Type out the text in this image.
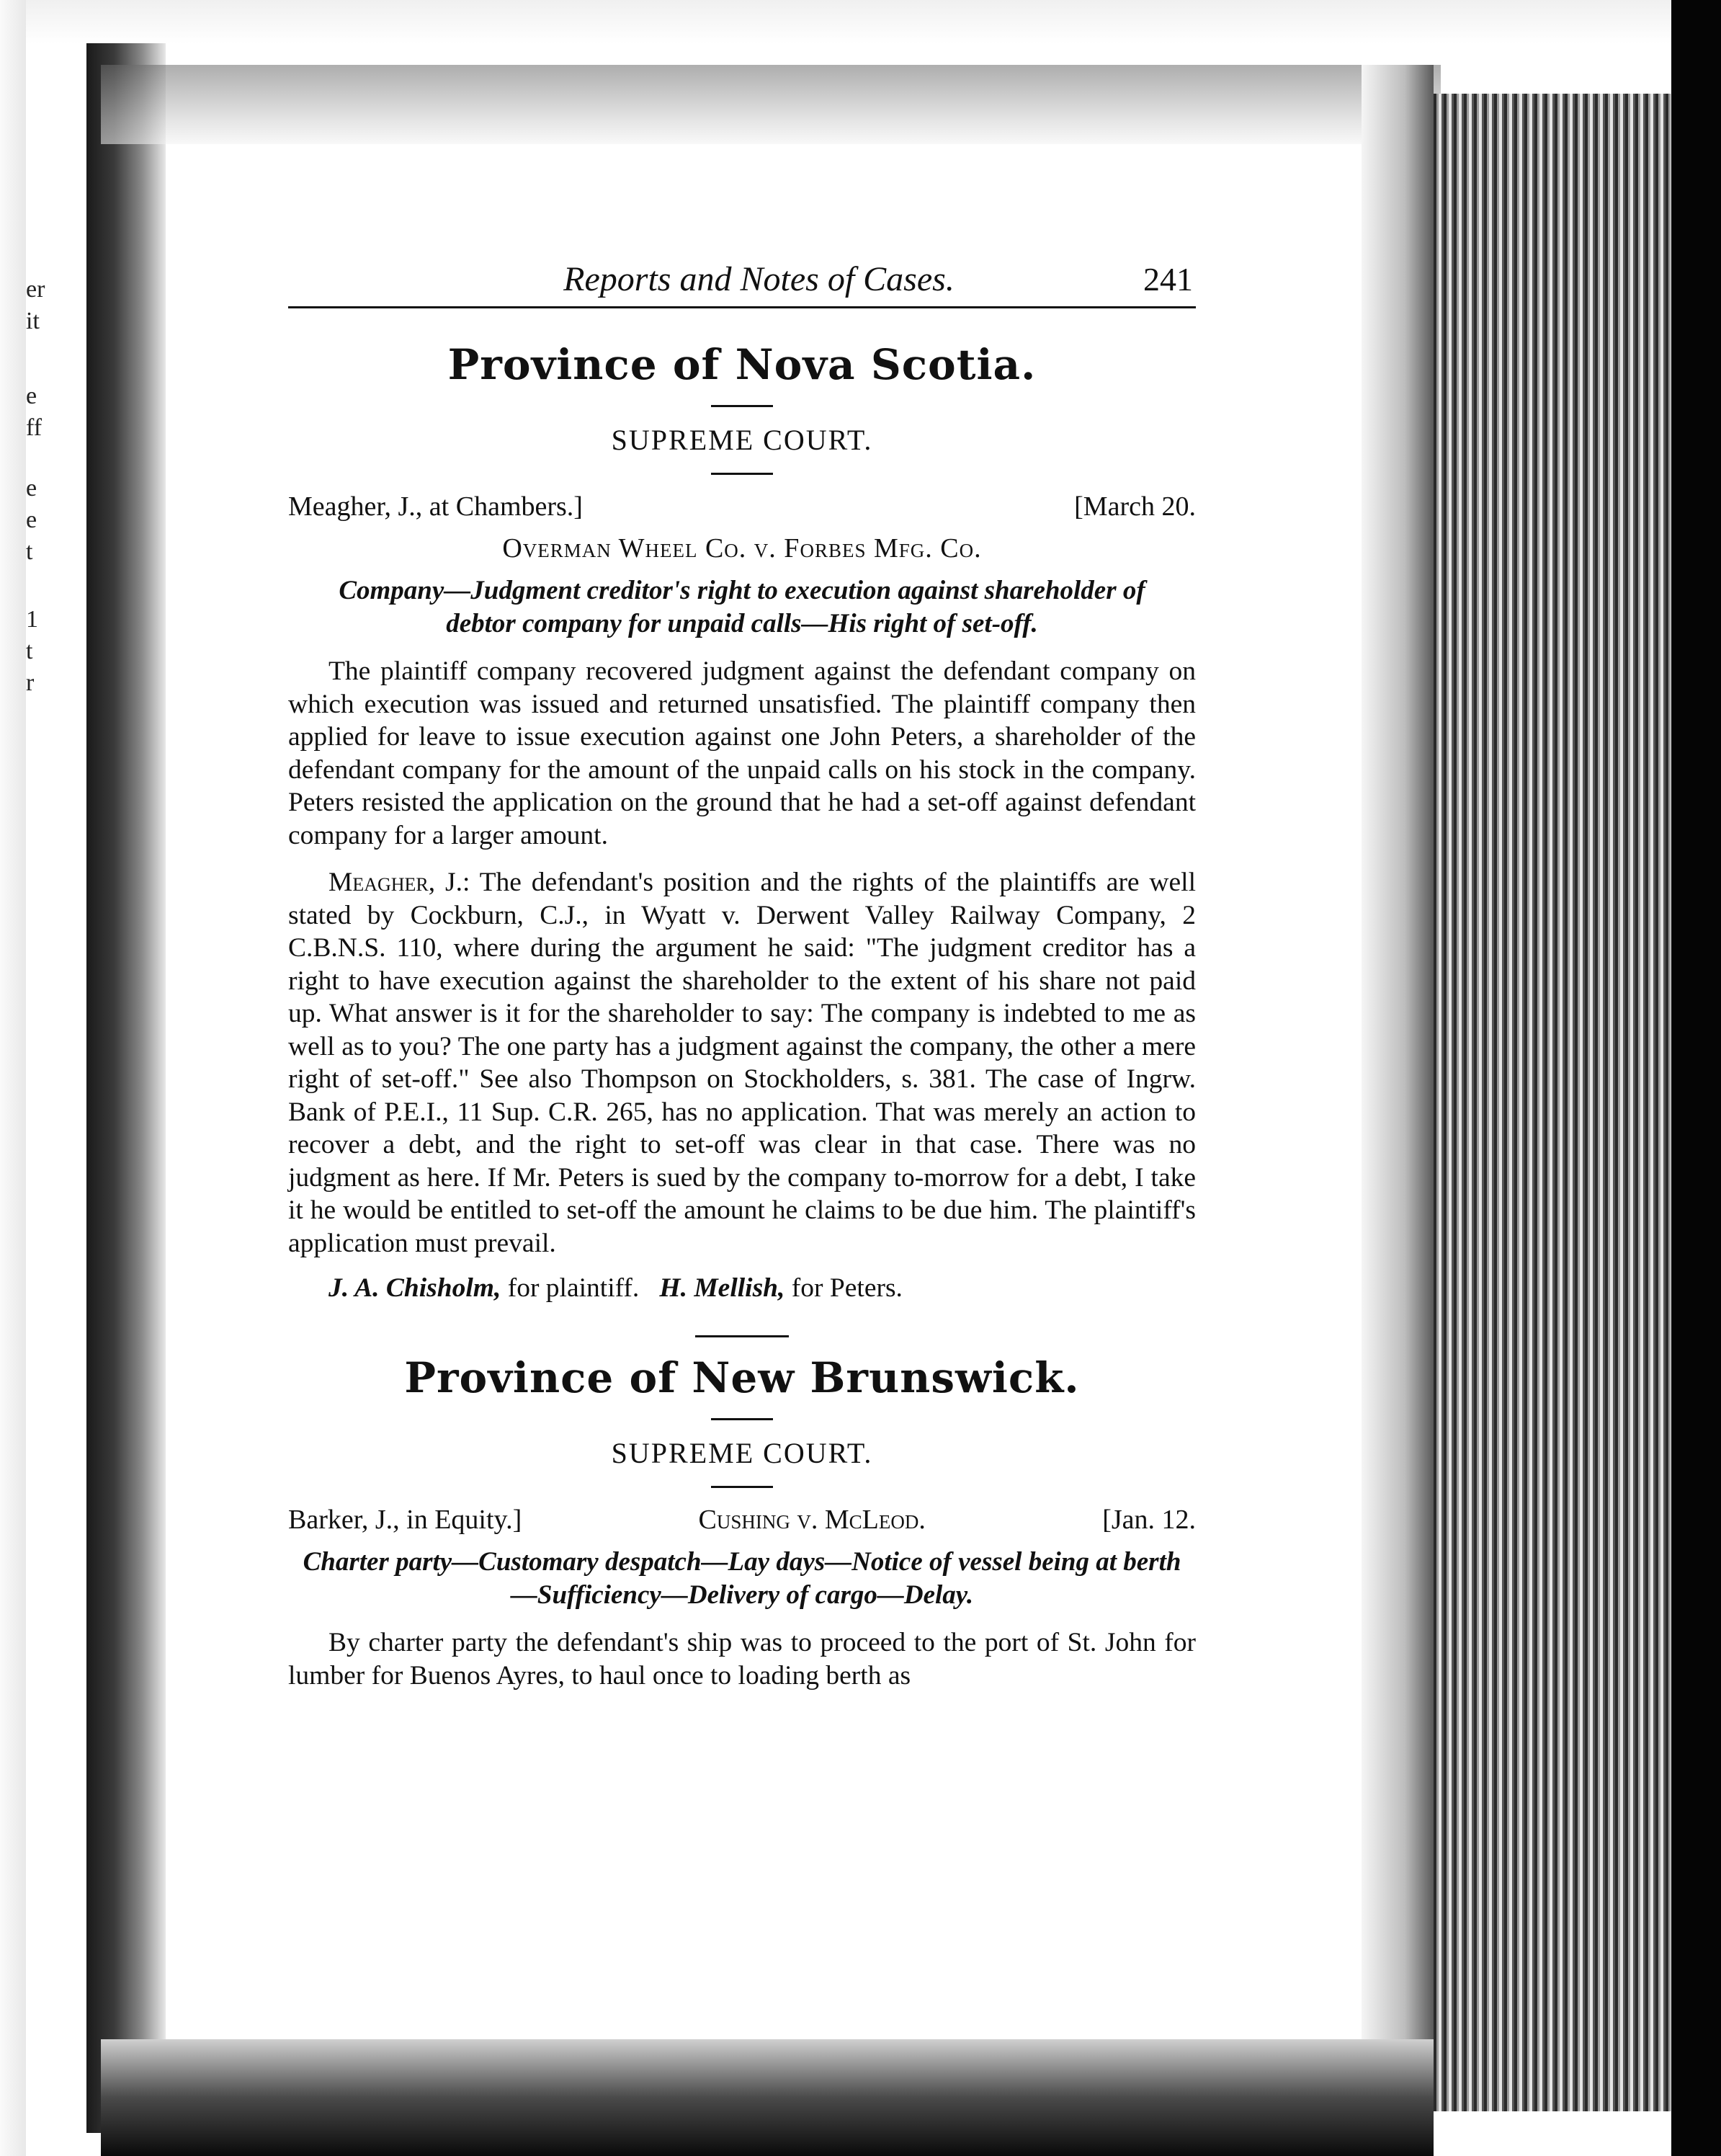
er
it
e
ff
e
e
t
1
t
r
Reports and Notes of Cases.	241
Province of Nova Scotia.
SUPREME COURT.
Meagher, J., at Chambers.]	[March 20.
Overman Wheel Co. v. Forbes Mfg. Co.
Company—Judgment creditor's right to execution against shareholder of debtor company for unpaid calls—His right of set-off.

The plaintiff company recovered judgment against the defendant company on which execution was issued and returned unsatisfied. The plaintiff company then applied for leave to issue execution against one John Peters, a shareholder of the defendant company for the amount of the unpaid calls on his stock in the company. Peters resisted the application on the ground that he had a set-off against defendant company for a larger amount.

Meagher, J.: The defendant's position and the rights of the plaintiffs are well stated by Cockburn, C.J., in Wyatt v. Derwent Valley Railway Company, 2 C.B.N.S. 110, where during the argument he said: "The judgment creditor has a right to have execution against the shareholder to the extent of his share not paid up. What answer is it for the shareholder to say: The company is indebted to me as well as to you? The one party has a judgment against the company, the other a mere right of set-off." See also Thompson on Stockholders, s. 381. The case of Ingrw. Bank of P.E.I., 11 Sup. C.R. 265, has no application. That was merely an action to recover a debt, and the right to set-off was clear in that case. There was no judgment as here. If Mr. Peters is sued by the company to-morrow for a debt, I take it he would be entitled to set-off the amount he claims to be due him. The plaintiff's application must prevail.

J. A. Chisholm, for plaintiff. H. Mellish, for Peters.
Province of New Brunswick.
SUPREME COURT.
Barker, J., in Equity.]	Cushing v. McLeod.	[Jan. 12.
Charter party—Customary despatch—Lay days—Notice of vessel being at berth—Sufficiency—Delivery of cargo—Delay.

By charter party the defendant's ship was to proceed to the port of St. John for lumber for Buenos Ayres, to haul once to loading berth as
